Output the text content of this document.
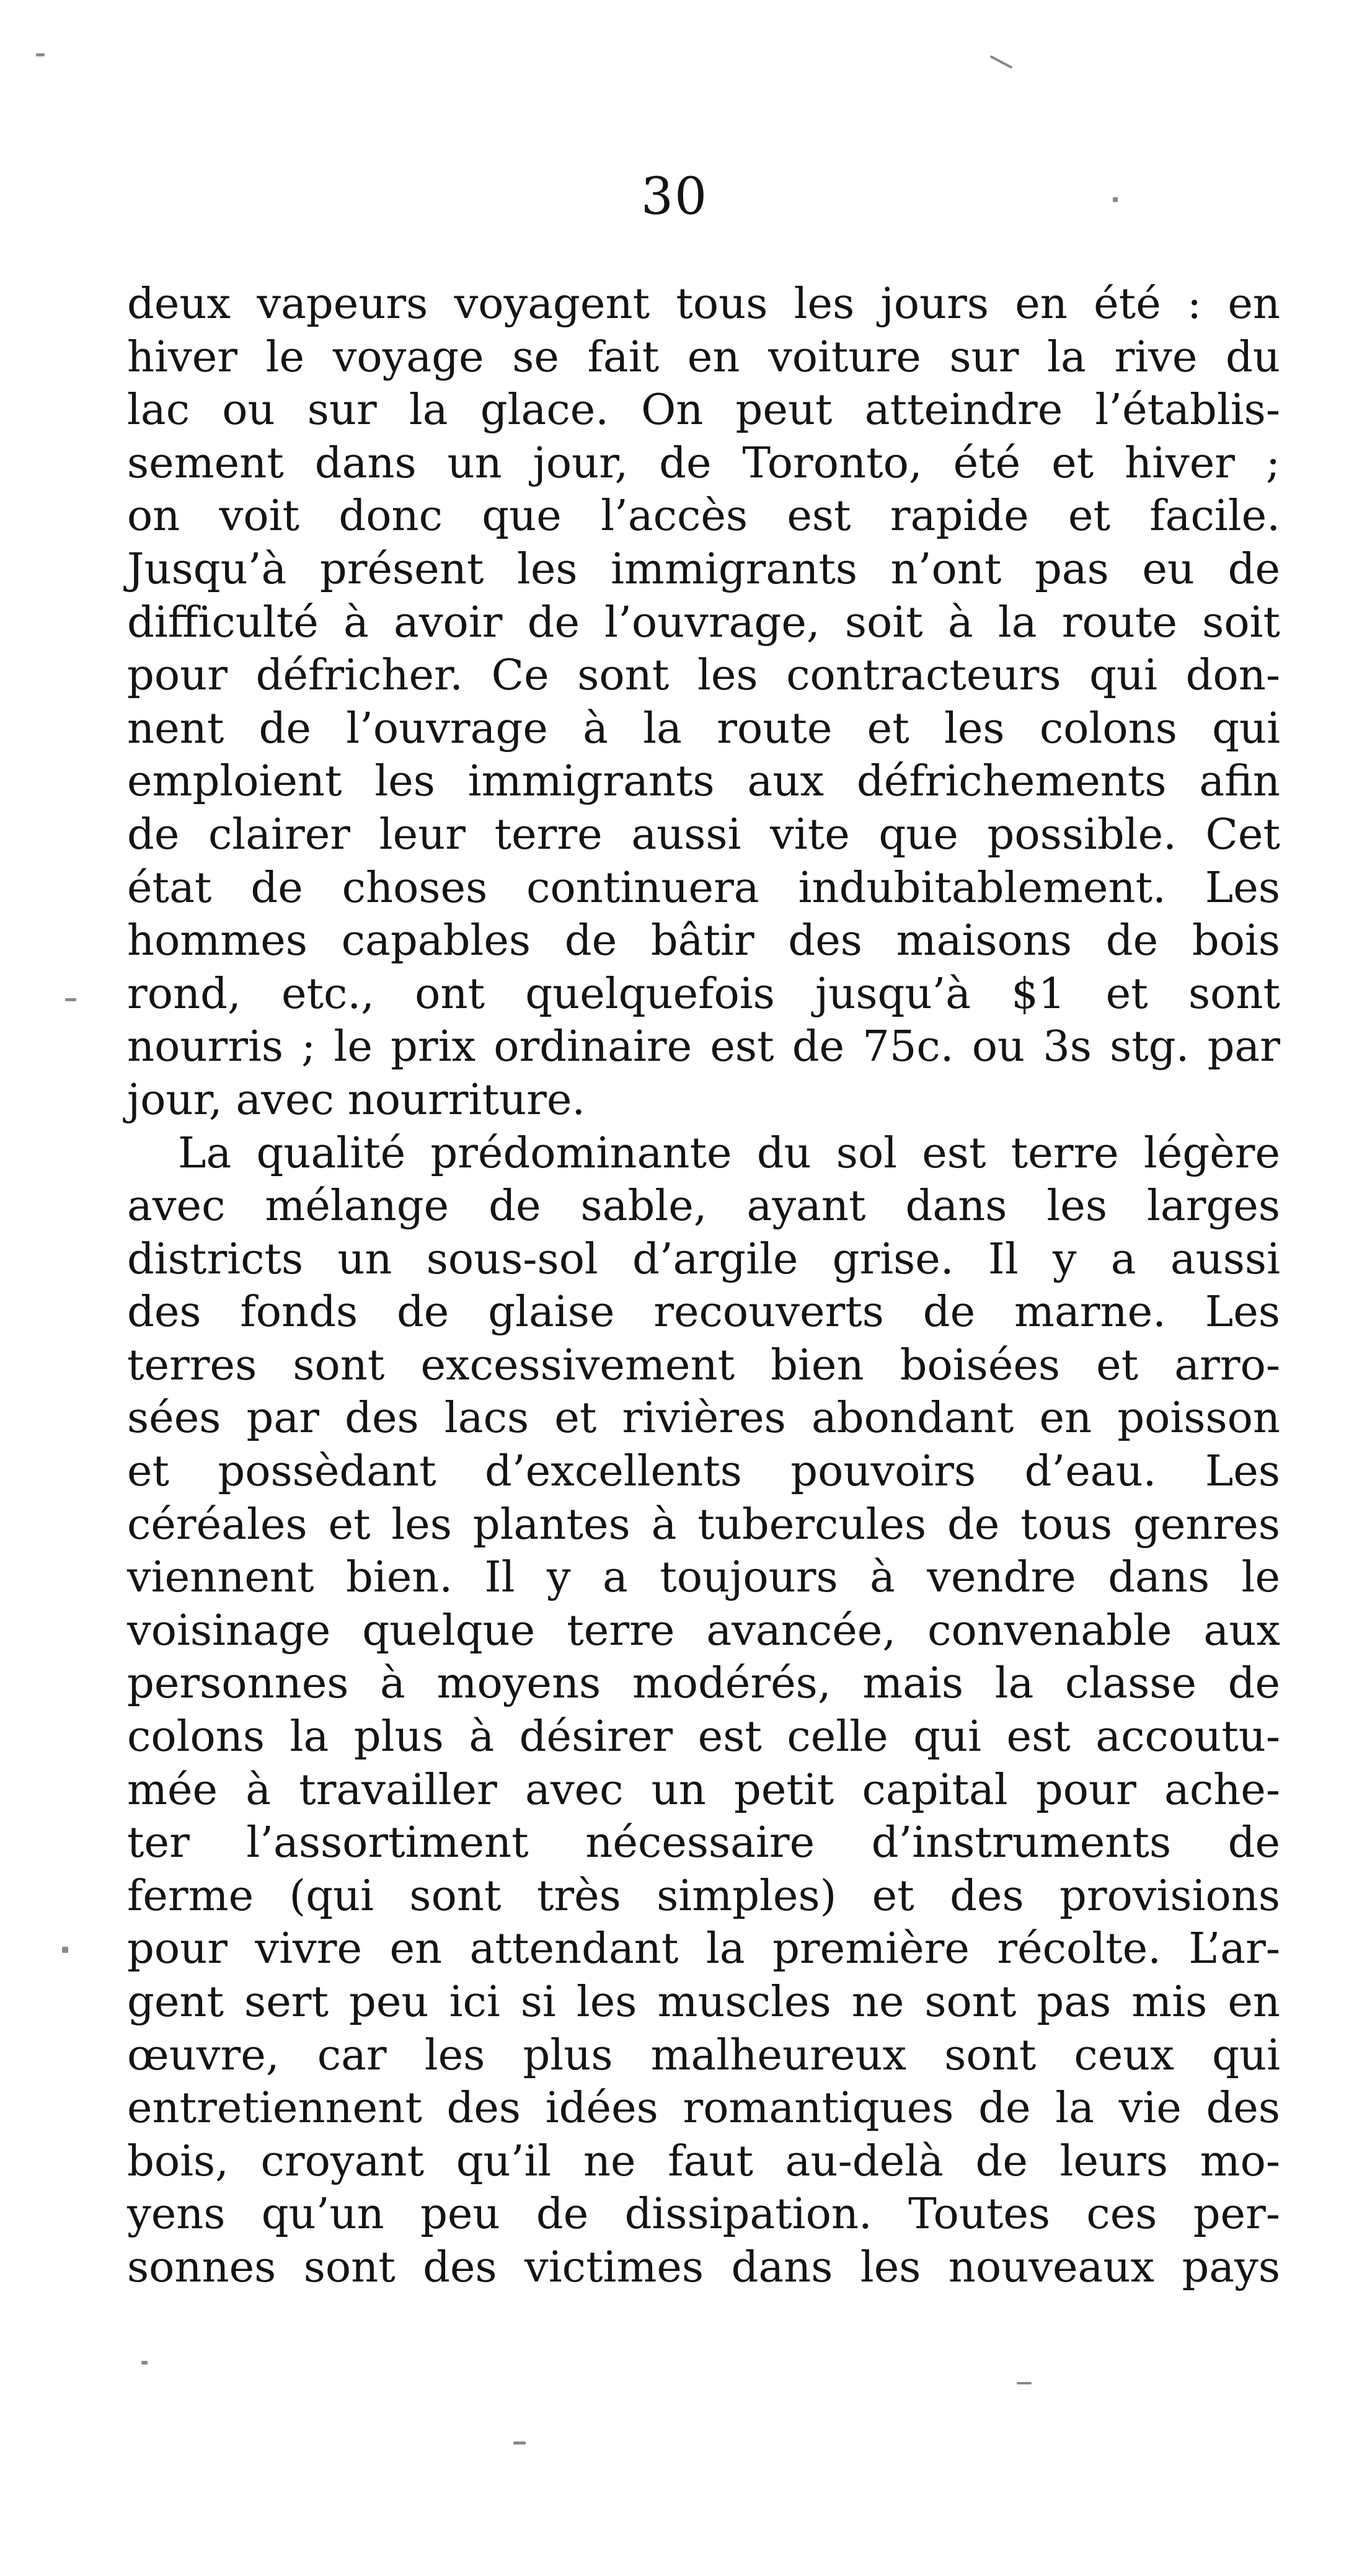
30
deux vapeurs voyagent tous les jours en été : en
hiver le voyage se fait en voiture sur la rive du
lac ou sur la glace. On peut atteindre l’établis-
sement dans un jour, de Toronto, été et hiver ;
on voit donc que l’accès est rapide et facile.
Jusqu’à présent les immigrants n’ont pas eu de
difficulté à avoir de l’ouvrage, soit à la route soit
pour défricher. Ce sont les contracteurs qui don-
nent de l’ouvrage à la route et les colons qui
emploient les immigrants aux défrichements afin
de clairer leur terre aussi vite que possible. Cet
état de choses continuera indubitablement. Les
hommes capables de bâtir des maisons de bois
rond, etc., ont quelquefois jusqu’à $1 et sont
nourris ; le prix ordinaire est de 75c. ou 3s stg. par
jour, avec nourriture.
La qualité prédominante du sol est terre légère
avec mélange de sable, ayant dans les larges
districts un sous-sol d’argile grise. Il y a aussi
des fonds de glaise recouverts de marne. Les
terres sont excessivement bien boisées et arro-
sées par des lacs et rivières abondant en poisson
et possèdant d’excellents pouvoirs d’eau. Les
céréales et les plantes à tubercules de tous genres
viennent bien. Il y a toujours à vendre dans le
voisinage quelque terre avancée, convenable aux
personnes à moyens modérés, mais la classe de
colons la plus à désirer est celle qui est accoutu-
mée à travailler avec un petit capital pour ache-
ter l’assortiment nécessaire d’instruments de
ferme (qui sont très simples) et des provisions
pour vivre en attendant la première récolte. L’ar-
gent sert peu ici si les muscles ne sont pas mis en
œuvre, car les plus malheureux sont ceux qui
entretiennent des idées romantiques de la vie des
bois, croyant qu’il ne faut au-delà de leurs mo-
yens qu’un peu de dissipation. Toutes ces per-
sonnes sont des victimes dans les nouveaux pays
